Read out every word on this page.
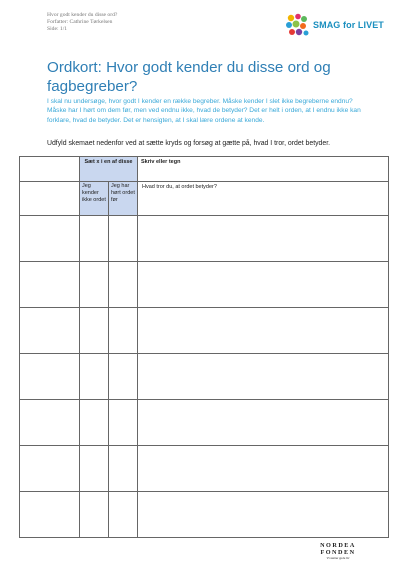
Hvor godt kender du disse ord?
Forfatter: Cathrine Tørkelsen
Side: 1/1	SMAG for LIVET
Ordkort: Hvor godt kender du disse ord og fagbegreber?
I skal nu undersøge, hvor godt I kender en række begreber. Måske kender I slet ikke begreberne endnu? Måske har I hørt om dem før, men ved endnu ikke, hvad de betyder? Det er helt i orden, at I endnu ikke kan forklare, hvad de betyder. Det er hensigten, at I skal lære ordene at kende.
Udfyld skemaet nedenfor ved at sætte kryds og forsøg at gætte på, hvad I tror, ordet betyder.
	Sæt x i en af disse		Skriv eller tegn
	Jeg kender ikke ordet	Jeg har hørt ordet før	Hvad tror du, at ordet betyder?

NORDEA FONDEN
Vi støtter gode liv
